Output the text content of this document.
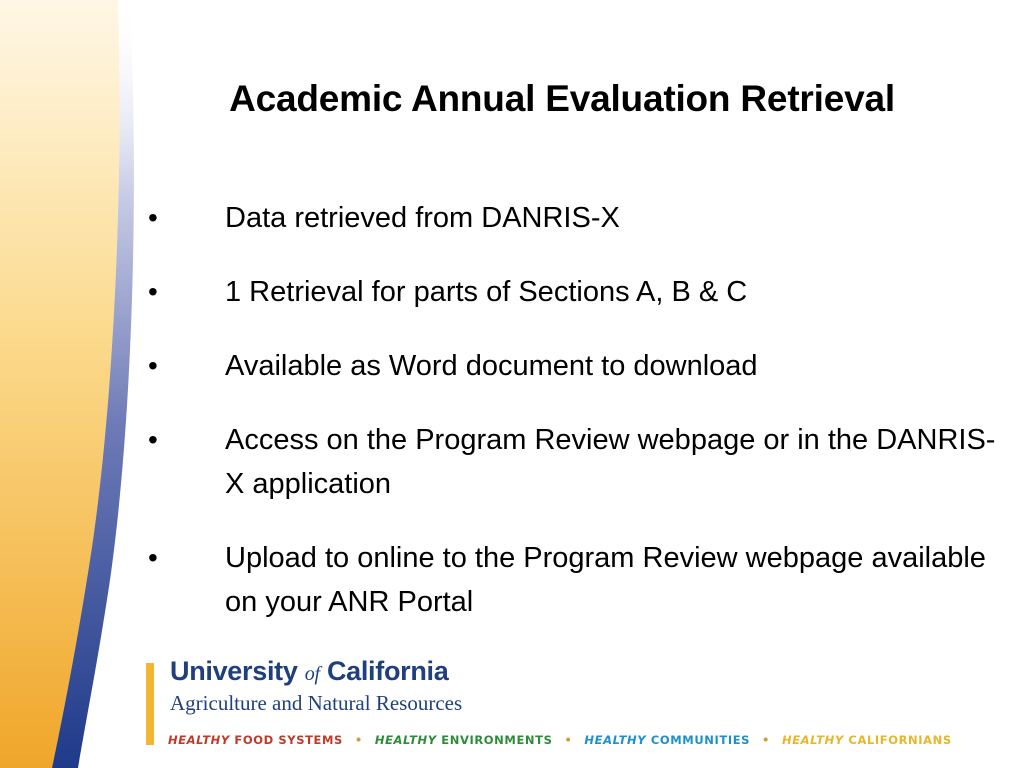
Academic Annual Evaluation Retrieval
• Data retrieved from DANRIS-X
• 1 Retrieval for parts of Sections A, B & C
• Available as Word document to download
• Access on the Program Review webpage or in the DANRIS-X application
• Upload to online to the Program Review webpage available on your ANR Portal
University of California
Agriculture and Natural Resources
HEALTHY FOOD SYSTEMS • HEALTHY ENVIRONMENTS • HEALTHY COMMUNITIES • HEALTHY CALIFORNIANS
